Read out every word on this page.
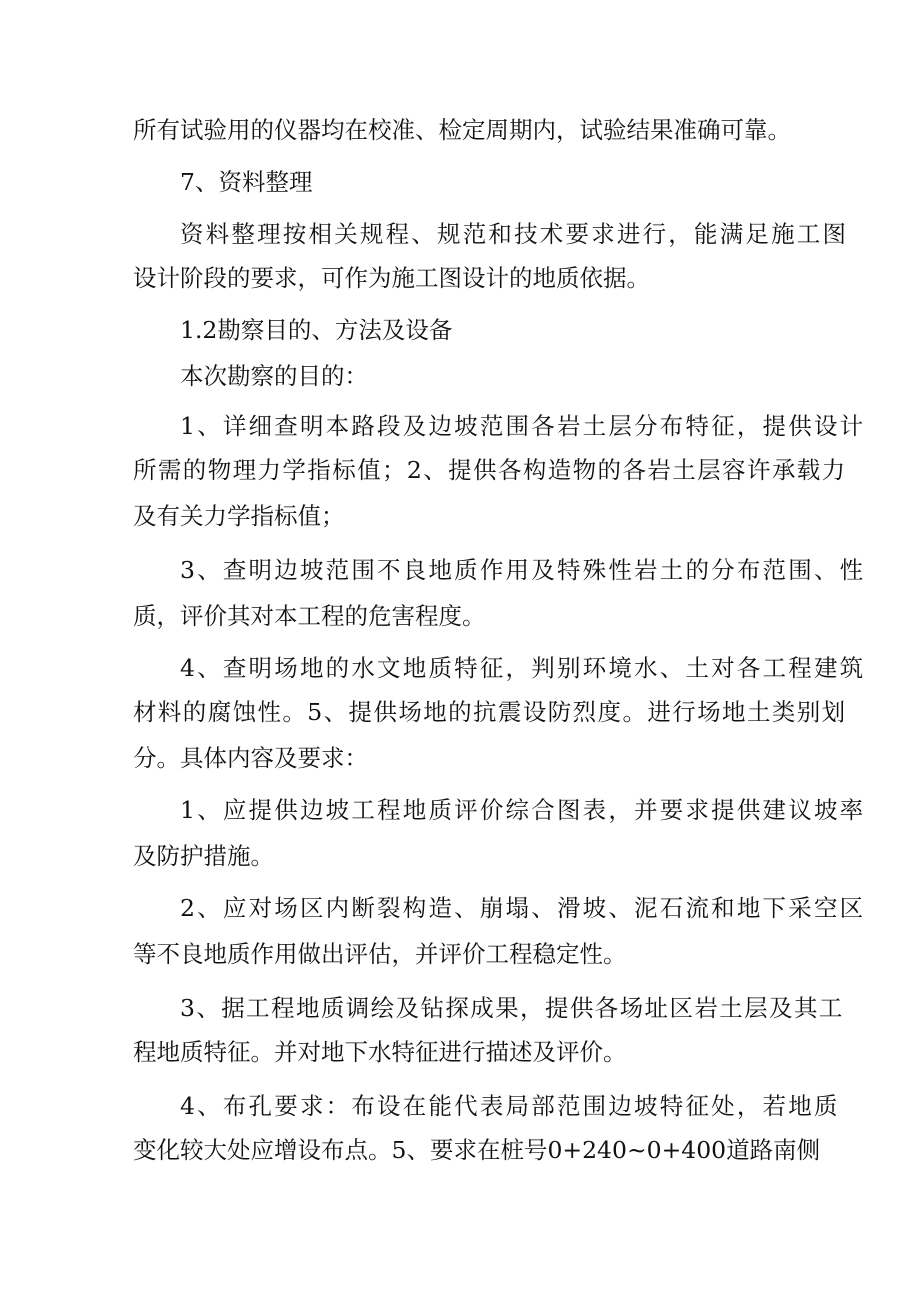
所有试验用的仪器均在校准、检定周期内，试验结果准确可靠。

7、资料整理

资料整理按相关规程、规范和技术要求进行，能满足施工图

设计阶段的要求，可作为施工图设计的地质依据。

1.2勘察目的、方法及设备

本次勘察的目的：

1、详细查明本路段及边坡范围各岩土层分布特征，提供设计

所需的物理力学指标值；2、提供各构造物的各岩土层容许承载力

及有关力学指标值；

3、查明边坡范围不良地质作用及特殊性岩土的分布范围、性

质，评价其对本工程的危害程度。

4、查明场地的水文地质特征，判别环境水、土对各工程建筑

材料的腐蚀性。5、提供场地的抗震设防烈度。进行场地土类别划

分。具体内容及要求：

1、应提供边坡工程地质评价综合图表，并要求提供建议坡率

及防护措施。

2、应对场区内断裂构造、崩塌、滑坡、泥石流和地下采空区

等不良地质作用做出评估，并评价工程稳定性。

3、据工程地质调绘及钻探成果，提供各场址区岩土层及其工

程地质特征。并对地下水特征进行描述及评价。

4、布孔要求：布设在能代表局部范围边坡特征处，若地质

变化较大处应增设布点。5、要求在桩号0+240~0+400道路南侧
